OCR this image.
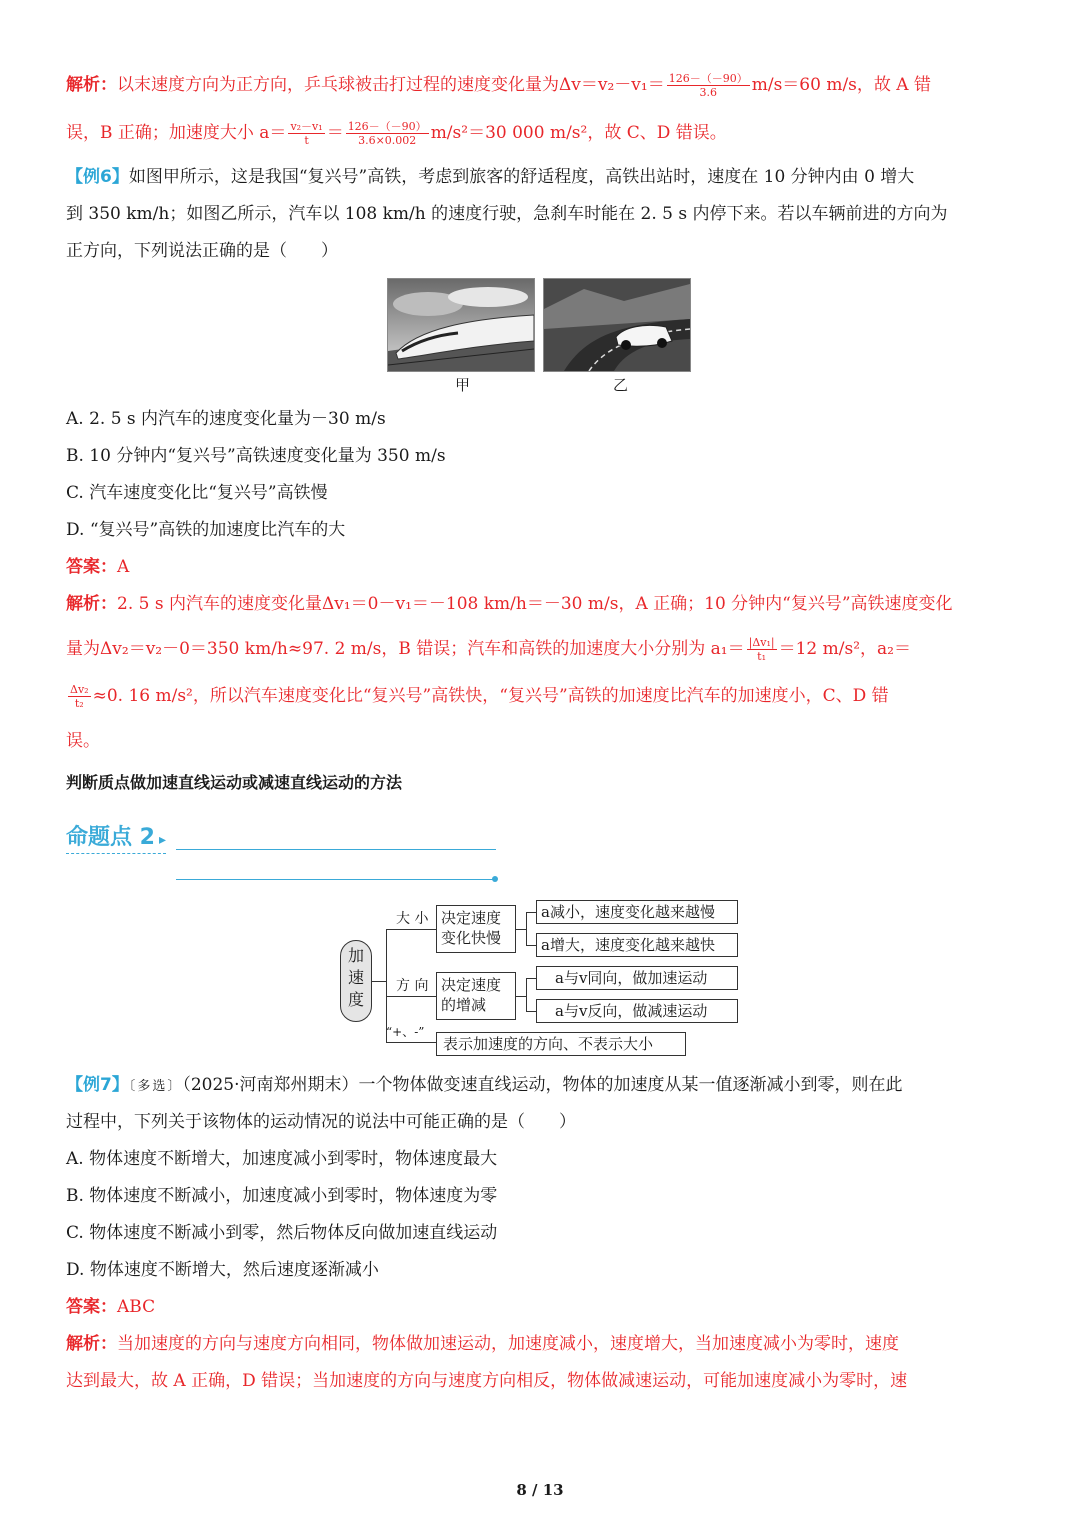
解析：以末速度方向为正方向，乒乓球被击打过程的速度变化量为$\Delta v=v_2-v_1= \frac{126-(-90)}{3.6} m/s=60$ m/s，故 A 错
误，B 正确；加速度大小 $a= \frac{\text{v₂－v₁}}{t} = \frac{126-(-90)}{3.6\times 0.002} m/s^2=30$ 000 m/s²，故 C、D 错误。
【例6】如图甲所示，这是我国“复兴号”高铁，考虑到旅客的舒适程度，高铁出站时，速度在 10 分钟内由 0 增大
到 350 km/h；如图乙所示，汽车以 108 km/h 的速度行驶，急刹车时能在 2. 5 s 内停下来。若以车辆前进的方向为
正方向，下列说法正确的是（　　）
甲	乙
A. 2. 5 s 内汽车的速度变化量为－30 m/s
B. 10 分钟内“复兴号”高铁速度变化量为 350 m/s
C. 汽车速度变化比“复兴号”高铁慢
D. “复兴号”高铁的加速度比汽车的大
答案：A
解析：2. 5 s 内汽车的速度变化量Δv₁＝0－v₁＝－108 km/h＝－30 m/s，A 正确；10 分钟内“复兴号”高铁速度变化
量为Δv₂＝v₂－0＝350 km/h≈97. 2 m/s，B 错误；汽车和高铁的加速度大小分别为 $a_1= \frac{\text{|Δv₁|}}{\text{t₁}} =12$ m/s²，a₂＝
$\frac{\text{Δv₂}}{\text{t₂}} \approx 0$. 16 m/s²，所以汽车速度变化比“复兴号”高铁快，“复兴号”高铁的加速度比汽车的加速度小，C、D 错
误。
判断质点做加速直线运动或减速直线运动的方法
命题点 2 ▸
加
速
度
大 小
方 向
“+、-”
决定速度
变化快慢
决定速度
的增减
表示加速度的方向、不表示大小
a减小，速度变化越来越慢
a增大，速度变化越来越快
a与v同向，做加速运动
a与v反向，做减速运动
【例7】〔多选〕（2025·河南郑州期末）一个物体做变速直线运动，物体的加速度从某一值逐渐减小到零，则在此
过程中，下列关于该物体的运动情况的说法中可能正确的是（　　）
A. 物体速度不断增大，加速度减小到零时，物体速度最大
B. 物体速度不断减小，加速度减小到零时，物体速度为零
C. 物体速度不断减小到零，然后物体反向做加速直线运动
D. 物体速度不断增大，然后速度逐渐减小
答案：ABC
解析：当加速度的方向与速度方向相同，物体做加速运动，加速度减小，速度增大，当加速度减小为零时，速度
达到最大，故 A 正确，D 错误；当加速度的方向与速度方向相反，物体做减速运动，可能加速度减小为零时，速
8 / 13
